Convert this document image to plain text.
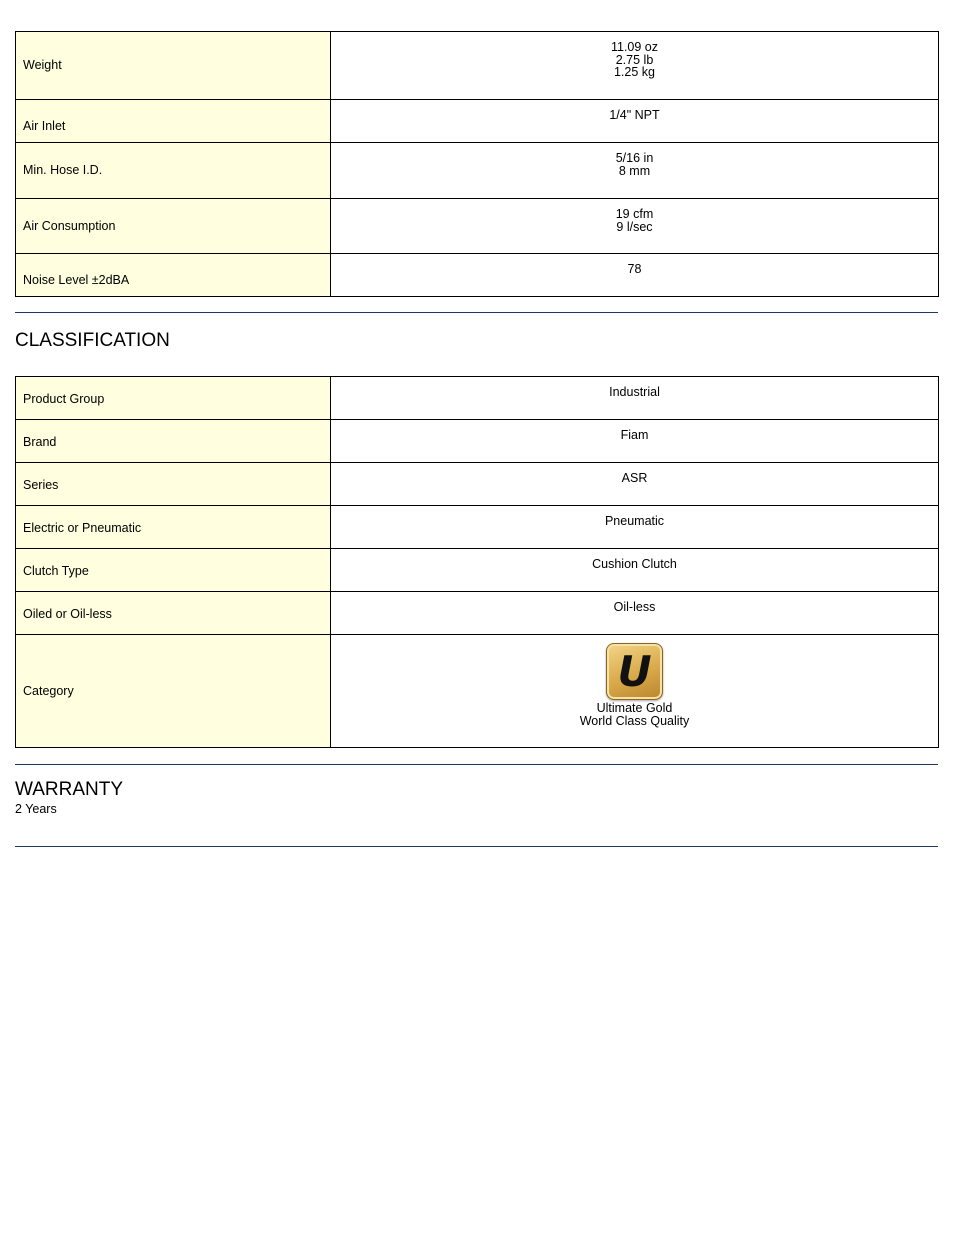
Weight	11.09 oz
2.75 lb
1.25 kg

Air Inlet	1/4" NPT

Min. Hose I.D.	5/16 in
8 mm

Air Consumption	19 cfm
9 l/sec

Noise Level ±2dBA	78
CLASSIFICATION
Product Group	Industrial

Brand	Fiam

Series	ASR

Electric or Pneumatic	Pneumatic

Clutch Type	Cushion Clutch

Oiled or Oil-less	Oil-less

Category	U
Ultimate Gold
World Class Quality
WARRANTY
2 Years
